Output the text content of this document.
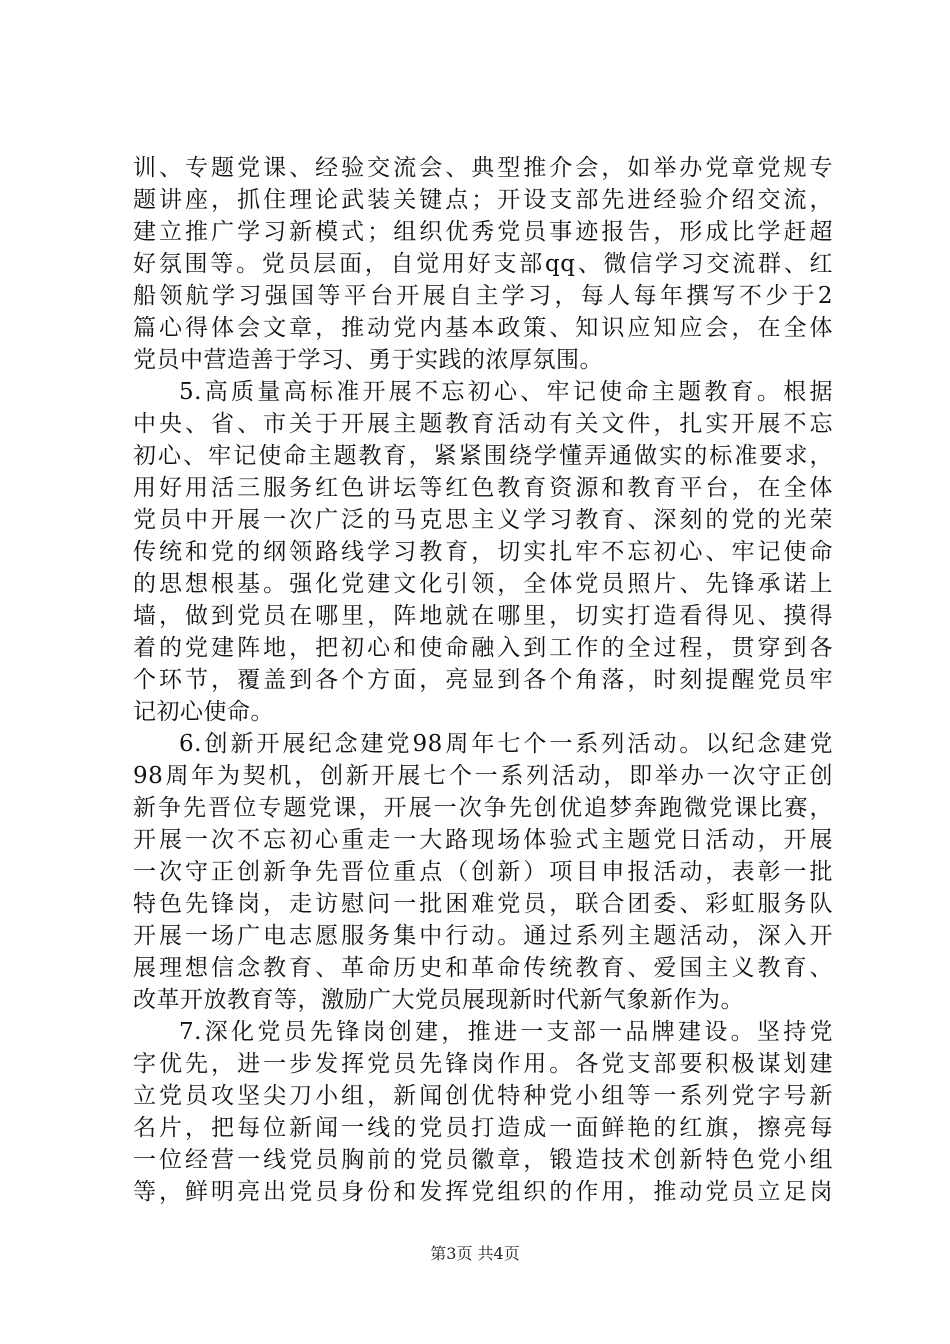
训、专题党课、经验交流会、典型推介会，如举办党章党规专
题讲座，抓住理论武装关键点；开设支部先进经验介绍交流，
建立推广学习新模式；组织优秀党员事迹报告，形成比学赶超
好氛围等。党员层面，自觉用好支部qq、微信学习交流群、红
船领航学习强国等平台开展自主学习，每人每年撰写不少于2
篇心得体会文章，推动党内基本政策、知识应知应会，在全体
党员中营造善于学习、勇于实践的浓厚氛围。
5.高质量高标准开展不忘初心、牢记使命主题教育。根据
中央、省、市关于开展主题教育活动有关文件，扎实开展不忘
初心、牢记使命主题教育，紧紧围绕学懂弄通做实的标准要求，
用好用活三服务红色讲坛等红色教育资源和教育平台，在全体
党员中开展一次广泛的马克思主义学习教育、深刻的党的光荣
传统和党的纲领路线学习教育，切实扎牢不忘初心、牢记使命
的思想根基。强化党建文化引领，全体党员照片、先锋承诺上
墙，做到党员在哪里，阵地就在哪里，切实打造看得见、摸得
着的党建阵地，把初心和使命融入到工作的全过程，贯穿到各
个环节，覆盖到各个方面，亮显到各个角落，时刻提醒党员牢
记初心使命。
6.创新开展纪念建党98周年七个一系列活动。以纪念建党
98周年为契机，创新开展七个一系列活动，即举办一次守正创
新争先晋位专题党课，开展一次争先创优追梦奔跑微党课比赛，
开展一次不忘初心重走一大路现场体验式主题党日活动，开展
一次守正创新争先晋位重点（创新）项目申报活动，表彰一批
特色先锋岗，走访慰问一批困难党员，联合团委、彩虹服务队
开展一场广电志愿服务集中行动。通过系列主题活动，深入开
展理想信念教育、革命历史和革命传统教育、爱国主义教育、
改革开放教育等，激励广大党员展现新时代新气象新作为。
7.深化党员先锋岗创建，推进一支部一品牌建设。坚持党
字优先，进一步发挥党员先锋岗作用。各党支部要积极谋划建
立党员攻坚尖刀小组，新闻创优特种党小组等一系列党字号新
名片，把每位新闻一线的党员打造成一面鲜艳的红旗，擦亮每
一位经营一线党员胸前的党员徽章，锻造技术创新特色党小组
等，鲜明亮出党员身份和发挥党组织的作用，推动党员立足岗
第3页 共4页
